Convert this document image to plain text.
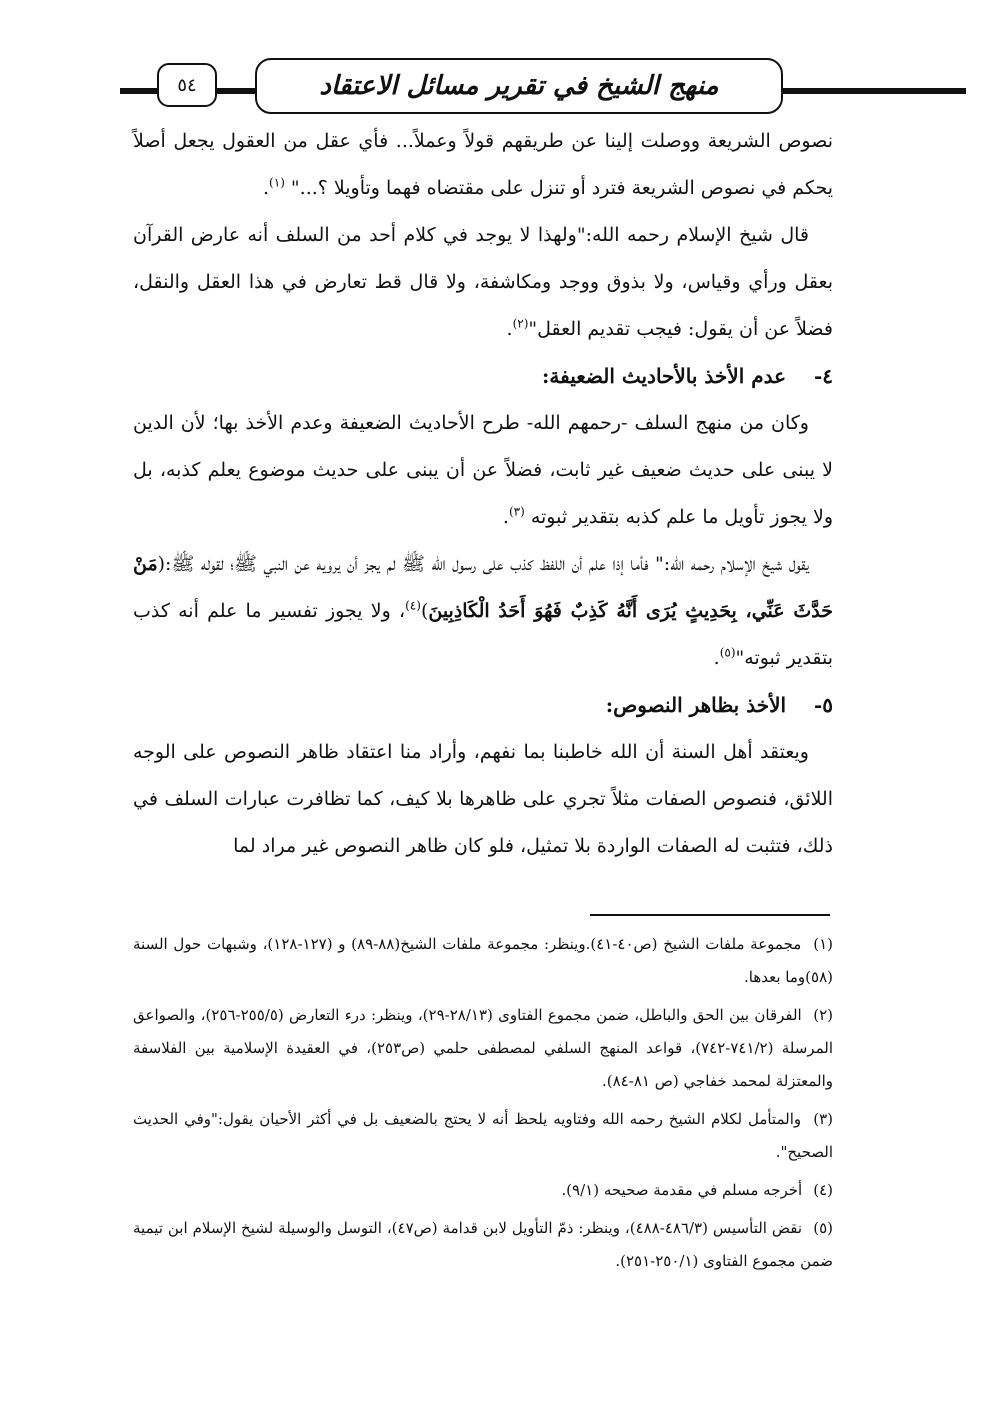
٥٤	منهج الشيخ في تقرير مسائل الاعتقاد

نصوص الشريعة ووصلت إلينا عن طريقهم قولاً وعملاً... فأي عقل من العقول يجعل أصلاً يحكم في نصوص الشريعة فترد أو تنزل على مقتضاه فهما وتأويلا ؟..." $^{(١)}$.

قال شيخ الإسلام رحمه الله:"ولهذا لا يوجد في كلام أحد من السلف أنه عارض القرآن بعقل ورأي وقياس، ولا بذوق ووجد ومكاشفة، ولا قال قط تعارض في هذا العقل والنقل، فضلاً عن أن يقول: فيجب تقديم العقل"$^{(٢)}$.

٤- عدم الأخذ بالأحاديث الضعيفة:

وكان من منهج السلف -رحمهم الله- طرح الأحاديث الضعيفة وعدم الأخذ بها؛ لأن الدين لا يبنى على حديث ضعيف غير ثابت، فضلاً عن أن يبنى على حديث موضوع يعلم كذبه، بل ولا يجوز تأويل ما علم كذبه بتقدير ثبوته $^{(٣)}$.

يقول شيخ الإسلام رحمه الله:" فأما إذا علم أن اللفظ كذب على رسول الله ﷺ لم يجز أن يرويه عن النبي ﷺ؛ لقوله ﷺ:(مَنْ حَدَّثَ عَنِّي، بِحَدِيثٍ يُرَى أَنَّهُ كَذِبٌ فَهُوَ أَحَدُ الْكَاذِبِينَ)$^{(٤)}$، ولا يجوز تفسير ما علم أنه كذب بتقدير ثبوته"$^{(٥)}$.

٥- الأخذ بظاهر النصوص:

ويعتقد أهل السنة أن الله خاطبنا بما نفهم، وأراد منا اعتقاد ظاهر النصوص على الوجه اللائق، فنصوص الصفات مثلاً تجري على ظاهرها بلا كيف، كما تظافرت عبارات السلف في ذلك، فتثبت له الصفات الواردة بلا تمثيل، فلو كان ظاهر النصوص غير مراد لما

(١) مجموعة ملفات الشيخ (ص٤٠-٤١).وينظر: مجموعة ملفات الشيخ(٨٨-٨٩) و (١٢٧-١٢٨)، وشبهات حول السنة (٥٨)وما بعدها.

(٢) الفرقان بين الحق والباطل، ضمن مجموع الفتاوى (٢٨/١٣-٢٩)، وينظر: درء التعارض (٢٥٥/٥-٢٥٦)، والصواعق المرسلة (٧٤١/٢-٧٤٢)، قواعد المنهج السلفي لمصطفى حلمي (ص٢٥٣)، في العقيدة الإسلامية بين الفلاسفة والمعتزلة لمحمد خفاجي (ص ٨١-٨٤).

(٣) والمتأمل لكلام الشيخ رحمه الله وفتاويه يلحظ أنه لا يحتج بالضعيف بل في أكثر الأحيان يقول:"وفي الحديث الصحيح".

(٤) أخرجه مسلم في مقدمة صحيحه (٩/١).

(٥) نقض التأسيس (٤٨٦/٣-٤٨٨)، وينظر: ذمّ التأويل لابن قدامة (ص٤٧)، التوسل والوسيلة لشيخ الإسلام ابن تيمية ضمن مجموع الفتاوى (٢٥٠/١-٢٥١).
